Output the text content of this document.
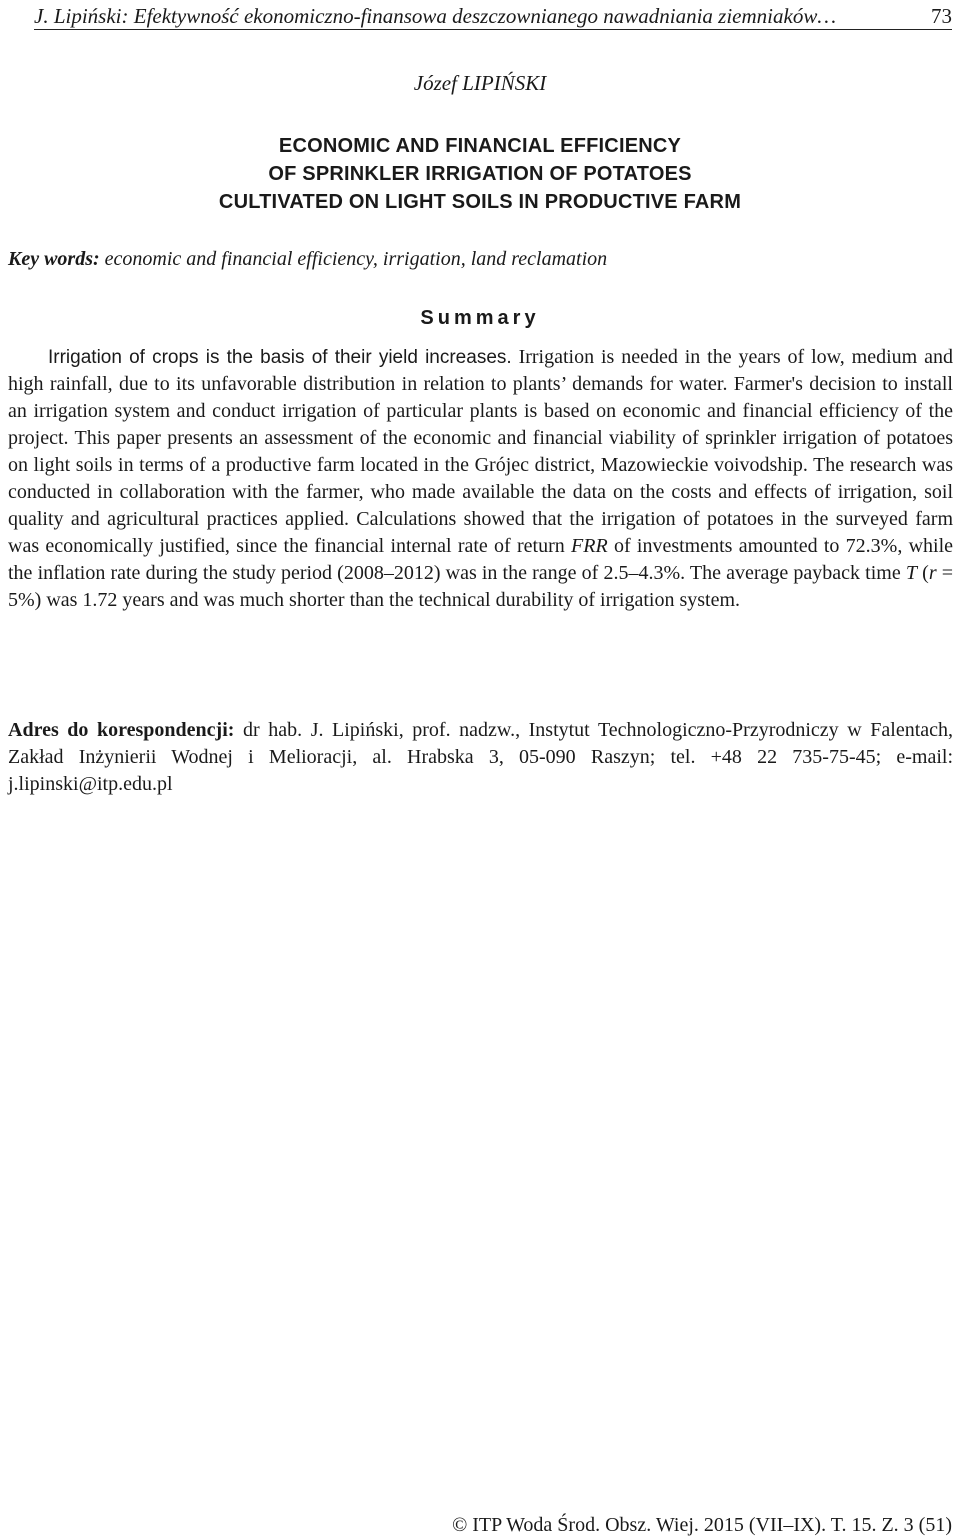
J. Lipiński: Efektywność ekonomiczno-finansowa deszczownianego nawadniania ziemniaków…	73
Józef LIPIŃSKI
ECONOMIC AND FINANCIAL EFFICIENCY
OF SPRINKLER IRRIGATION OF POTATOES
CULTIVATED ON LIGHT SOILS IN PRODUCTIVE FARM
Key words: economic and financial efficiency, irrigation, land reclamation
Summary
Irrigation of crops is the basis of their yield increases. Irrigation is needed in the years of low, medium and high rainfall, due to its unfavorable distribution in relation to plants’ demands for water. Farmer's decision to install an irrigation system and conduct irrigation of particular plants is based on economic and financial efficiency of the project. This paper presents an assessment of the economic and financial viability of sprinkler irrigation of potatoes on light soils in terms of a productive farm located in the Grójec district, Mazowieckie voivodship. The research was conducted in collaboration with the farmer, who made available the data on the costs and effects of irrigation, soil quality and agricultural practices applied. Calculations showed that the irrigation of potatoes in the surveyed farm was economically justified, since the financial internal rate of return FRR of investments amounted to 72.3%, while the inflation rate during the study period (2008–2012) was in the range of 2.5–4.3%. The average payback time T (r = 5%) was 1.72 years and was much shorter than the technical durability of irrigation system.
Adres do korespondencji: dr hab. J. Lipiński, prof. nadzw., Instytut Technologiczno-Przyrodniczy w Falentach, Zakład Inżynierii Wodnej i Melioracji, al. Hrabska 3, 05-090 Raszyn; tel. +48 22 735-75-45; e-mail: j.lipinski@itp.edu.pl
© ITP Woda Środ. Obsz. Wiej. 2015 (VII–IX). T. 15. Z. 3 (51)
